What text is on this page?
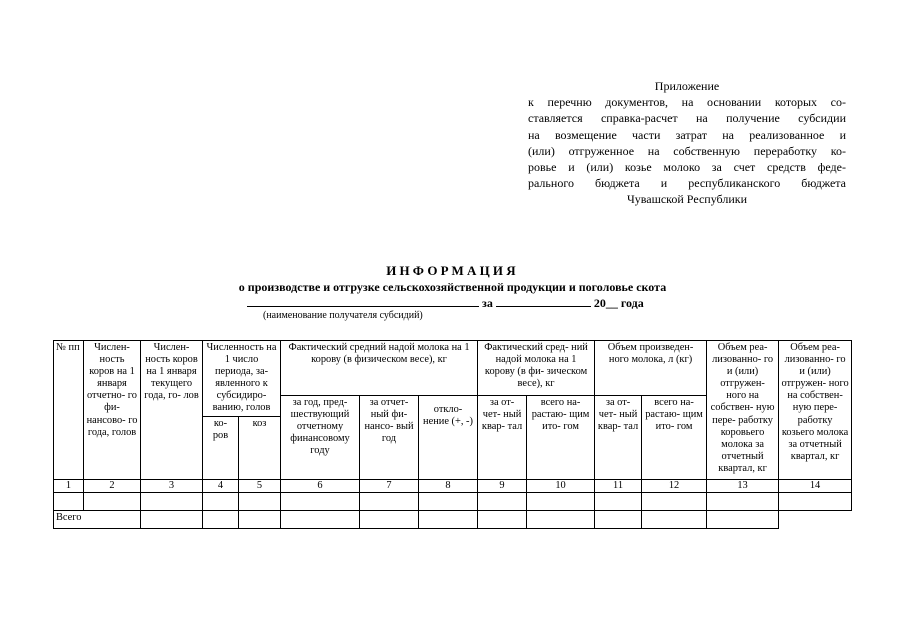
Приложение
к перечню документов, на основании которых со-
ставляется справка-расчет на получение субсидии
на возмещение части затрат на реализованное и
(или) отгруженное на собственную переработку ко-
ровье и (или) козье молоко за счет средств феде-
рального бюджета и республиканского бюджета
Чувашской Республики
ИНФОРМАЦИЯ
о производстве и отгрузке сельскохозяйственной продукции и поголовье скота
за	20__ года
(наименование получателя субсидий)
№ пп	Числен- ность коров на 1 января отчетно- го фи- нансово- го года, голов	Числен- ность коров на 1 января текущего года, го- лов	Численность на 1 число периода, за- явленного к субсидиро- ванию, голов		Фактический средний надой молока на 1 корову (в физическом весе), кг			Фактический сред- ний надой молока на 1 корову (в фи- зическом весе), кг		Объем произведен- ного молока, л (кг)		Объем реа- лизованно- го и (или) отгружен- ного на собствен- ную пере- работку коровьего молока за отчетный квартал, кг	Объем реа- лизованно- го и (или) отгружен- ного на собствен- ную пере- работку козьего молока за отчетный квартал, кг
					за год, пред- шествующий отчетному финансовому году	за отчет- ный фи- нансо- вый год	откло- нение (+, -)	за от- чет- ный квар- тал	всего на- растаю- щим ито- гом	за от- чет- ный квар- тал	всего на- растаю- щим ито- гом		
			ко- ров	коз									
1	2	3	4	5	6	7	8	9	10	11	12	13	14

Всего													
